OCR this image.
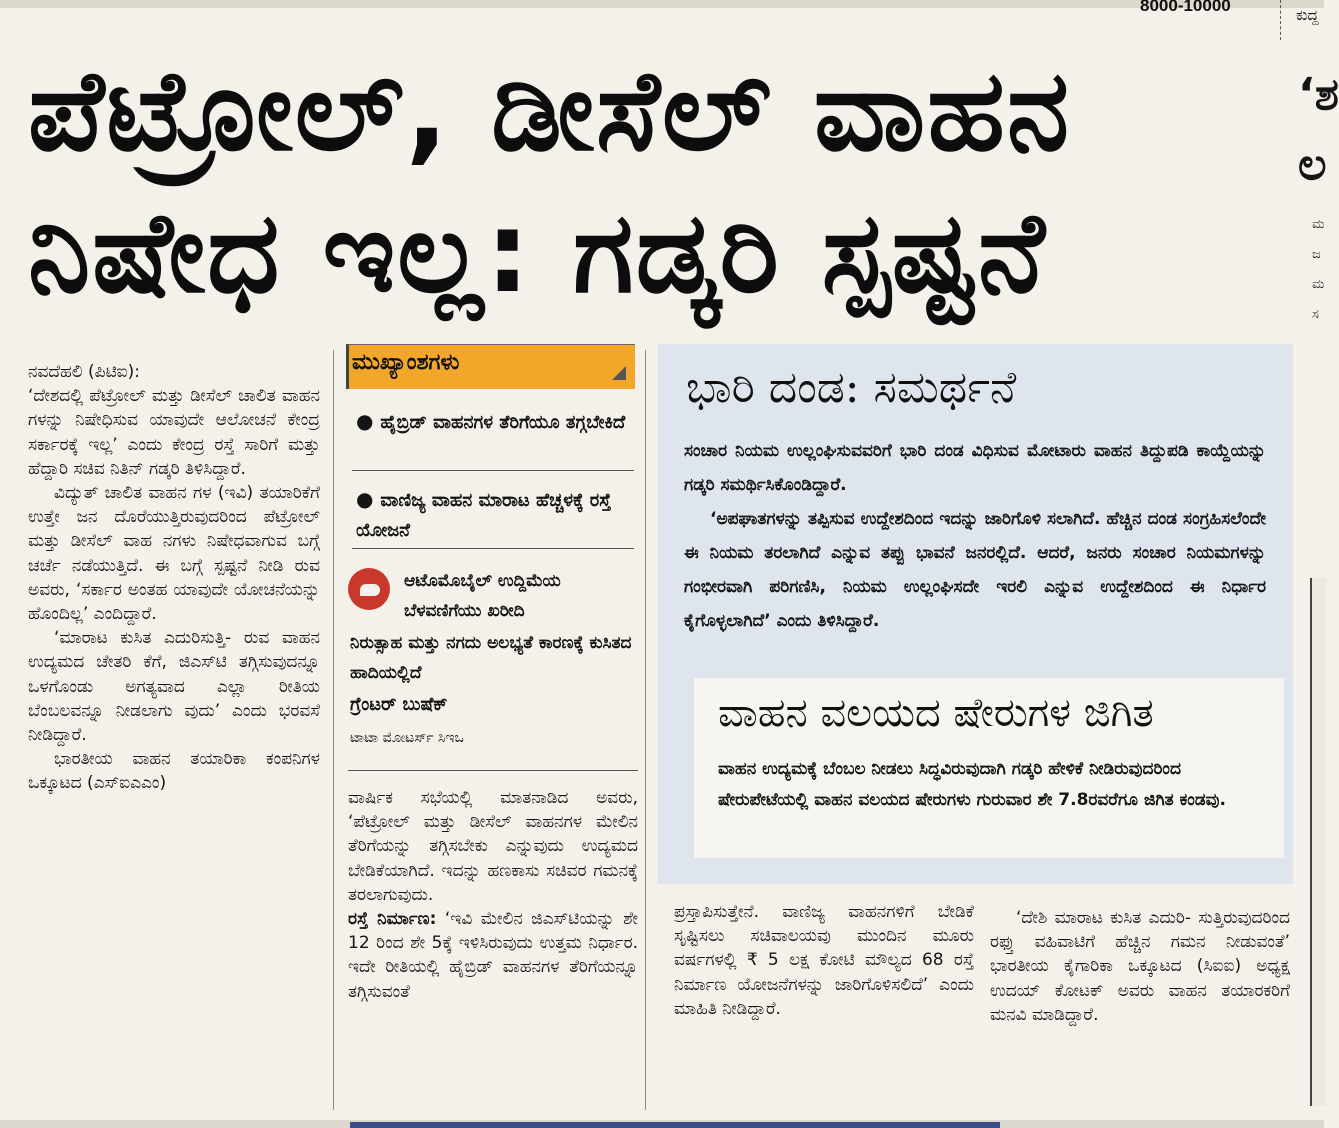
8000-10000	ಕುದ್ದ
ಪೆಟ್ರೋಲ್, ಡೀಸೆಲ್ ವಾಹನ
ನಿಷೇಧ ಇಲ್ಲ: ಗಡ್ಕರಿ ಸ್ಪಷ್ಟನೆ
‘ಶ
ಲ
ಮ ಜ ಮ ಸ

ನವದೆಹಲಿ (ಪಿಟಿಐ):

‘ದೇಶದಲ್ಲಿ ಪೆಟ್ರೋಲ್ ಮತ್ತು ಡೀಸೆಲ್ ಚಾಲಿತ ವಾಹನ ಗಳನ್ನು ನಿಷೇಧಿಸುವ ಯಾವುದೇ ಆಲೋಚನೆ ಕೇಂದ್ರ ಸರ್ಕಾರಕ್ಕೆ ಇಲ್ಲ’ ಎಂದು ಕೇಂದ್ರ ರಸ್ತೆ ಸಾರಿಗೆ ಮತ್ತು ಹೆದ್ದಾರಿ ಸಚಿವ ನಿತಿನ್ ಗಡ್ಕರಿ ತಿಳಿಸಿದ್ದಾರೆ.

ವಿದ್ಯುತ್ ಚಾಲಿತ ವಾಹನ ಗಳ (ಇವಿ) ತಯಾರಿಕೆಗೆ ಉತ್ತೇ ಜನ ದೊರೆಯುತ್ತಿರುವುದರಿಂದ ಪೆಟ್ರೋಲ್ ಮತ್ತು ಡೀಸೆಲ್ ವಾಹ ನಗಳು ನಿಷೇಧವಾಗುವ ಬಗ್ಗೆ ಚರ್ಚೆ ನಡೆಯುತ್ತಿದೆ. ಈ ಬಗ್ಗೆ ಸ್ಪಷ್ಟನೆ ನೀಡಿ ರುವ ಅವರು, ‘ಸರ್ಕಾರ ಅಂತಹ ಯಾವುದೇ ಯೋಚನೆಯನ್ನು ಹೊಂದಿಲ್ಲ’ ಎಂದಿದ್ದಾರೆ.

‘ಮಾರಾಟ ಕುಸಿತ ಎದುರಿಸುತ್ತಿ- ರುವ ವಾಹನ ಉದ್ಯಮದ ಚೇತರಿ ಕೆಗೆ, ಜಿಎಸ್‌ಟಿ ತಗ್ಗಿಸುವುದನ್ನೂ ಒಳಗೊಂಡು ಅಗತ್ಯವಾದ ಎಲ್ಲಾ ರೀತಿಯ ಬೆಂಬಲವನ್ನೂ ನೀಡಲಾಗು ವುದು’ ಎಂದು ಭರವಸೆ ನೀಡಿದ್ದಾರೆ.

ಭಾರತೀಯ ವಾಹನ ತಯಾರಿಕಾ ಕಂಪನಿಗಳ ಒಕ್ಕೂಟದ (ಎಸ್‌ಐಎಎಂ)

ಮುಖ್ಯಾಂಶಗಳು
● ಹೈಬ್ರಿಡ್ ವಾಹನಗಳ ತೆರಿಗೆಯೂ ತಗ್ಗಬೇಕಿದೆ
● ವಾಣಿಜ್ಯ ವಾಹನ ಮಾರಾಟ ಹೆಚ್ಚಳಕ್ಕೆ ರಸ್ತೆ ಯೋಜನೆ
ಆಟೊಮೊಬೈಲ್ ಉದ್ದಿಮೆಯ ಬೆಳವಣಿಗೆಯು ಖರೀದಿ
ನಿರುತ್ಸಾಹ ಮತ್ತು ನಗದು ಅಲಭ್ಯತೆ ಕಾರಣಕ್ಕೆ ಕುಸಿತದ ಹಾದಿಯಲ್ಲಿದೆ
ಗ್ರೆಂಟರ್ ಬುಷೆಕ್
ಟಾಟಾ ಮೋಟರ್ಸ್ ಸಿಇಒ

ವಾರ್ಷಿಕ ಸಭೆಯಲ್ಲಿ ಮಾತನಾಡಿದ ಅವರು, ‘ಪೆಟ್ರೋಲ್ ಮತ್ತು ಡೀಸೆಲ್ ವಾಹನಗಳ ಮೇಲಿನ ತೆರಿಗೆಯನ್ನು ತಗ್ಗಿಸಬೇಕು ಎನ್ನುವುದು ಉದ್ಯಮದ ಬೇಡಿಕೆಯಾಗಿದೆ. ಇದನ್ನು ಹಣಕಾಸು ಸಚಿವರ ಗಮನಕ್ಕೆ ತರಲಾಗುವುದು.

ರಸ್ತೆ ನಿರ್ಮಾಣ: ‘ಇವಿ ಮೇಲಿನ ಜಿಎಸ್‌ಟಿಯನ್ನು ಶೇ 12 ರಿಂದ ಶೇ 5ಕ್ಕೆ ಇಳಿಸಿರುವುದು ಉತ್ತಮ ನಿರ್ಧಾರ. ಇದೇ ರೀತಿಯಲ್ಲಿ ಹೈಬ್ರಿಡ್ ವಾಹನಗಳ ತೆರಿಗೆಯನ್ನೂ ತಗ್ಗಿಸುವಂತೆ

ಭಾರಿ ದಂಡ: ಸಮರ್ಥನೆ

ಸಂಚಾರ ನಿಯಮ ಉಲ್ಲಂಘಿಸುವವರಿಗೆ ಭಾರಿ ದಂಡ ವಿಧಿಸುವ ಮೋಟಾರು ವಾಹನ ತಿದ್ದುಪಡಿ ಕಾಯ್ದೆಯನ್ನು ಗಡ್ಕರಿ ಸಮರ್ಥಿಸಿಕೊಂಡಿದ್ದಾರೆ.

‘ಅಪಘಾತಗಳನ್ನು ತಪ್ಪಿಸುವ ಉದ್ದೇಶದಿಂದ ಇದನ್ನು ಜಾರಿಗೊಳಿ ಸಲಾಗಿದೆ. ಹೆಚ್ಚಿನ ದಂಡ ಸಂಗ್ರಹಿಸಲೆಂದೇ ಈ ನಿಯಮ ತರಲಾಗಿದೆ ಎನ್ನುವ ತಪ್ಪು ಭಾವನೆ ಜನರಲ್ಲಿದೆ. ಆದರೆ, ಜನರು ಸಂಚಾರ ನಿಯಮಗಳನ್ನು ಗಂಭೀರವಾಗಿ ಪರಿಗಣಿಸಿ, ನಿಯಮ ಉಲ್ಲಂಘಿಸದೇ ಇರಲಿ ಎನ್ನುವ ಉದ್ದೇಶದಿಂದ ಈ ನಿರ್ಧಾರ ಕೈಗೊಳ್ಳಲಾಗಿದೆ’ ಎಂದು ತಿಳಿಸಿದ್ದಾರೆ.

ವಾಹನ ವಲಯದ ಷೇರುಗಳ ಜಿಗಿತ
ವಾಹನ ಉದ್ಯಮಕ್ಕೆ ಬೆಂಬಲ ನೀಡಲು ಸಿದ್ಧವಿರುವುದಾಗಿ ಗಡ್ಕರಿ ಹೇಳಿಕೆ ನೀಡಿರುವುದರಿಂದ ಷೇರುಪೇಟೆಯಲ್ಲಿ ವಾಹನ ವಲಯದ ಷೇರುಗಳು ಗುರುವಾರ ಶೇ 7.8ರವರೆಗೂ ಜಿಗಿತ ಕಂಡವು.

ಪ್ರಸ್ತಾಪಿಸುತ್ತೇನೆ. ವಾಣಿಜ್ಯ ವಾಹನಗಳಿಗೆ ಬೇಡಿಕೆ ಸೃಷ್ಟಿಸಲು ಸಚಿವಾಲಯವು ಮುಂದಿನ ಮೂರು ವರ್ಷಗಳಲ್ಲಿ ₹ 5 ಲಕ್ಷ ಕೋಟಿ ಮೌಲ್ಯದ 68 ರಸ್ತೆ ನಿರ್ಮಾಣ ಯೋಜನೆಗಳನ್ನು ಜಾರಿಗೊಳಿಸಲಿದೆ’ ಎಂದು ಮಾಹಿತಿ ನೀಡಿದ್ದಾರೆ.

‘ದೇಶಿ ಮಾರಾಟ ಕುಸಿತ ಎದುರಿ- ಸುತ್ತಿರುವುದರಿಂದ ರಫ್ತು ವಹಿವಾಟಿಗೆ ಹೆಚ್ಚಿನ ಗಮನ ನೀಡುವಂತೆ’ ಭಾರತೀಯ ಕೈಗಾರಿಕಾ ಒಕ್ಕೂಟದ (ಸಿಐಐ) ಅಧ್ಯಕ್ಷ ಉದಯ್ ಕೋಟಕ್ ಅವರು ವಾಹನ ತಯಾರಕರಿಗೆ ಮನವಿ ಮಾಡಿದ್ದಾರೆ.
